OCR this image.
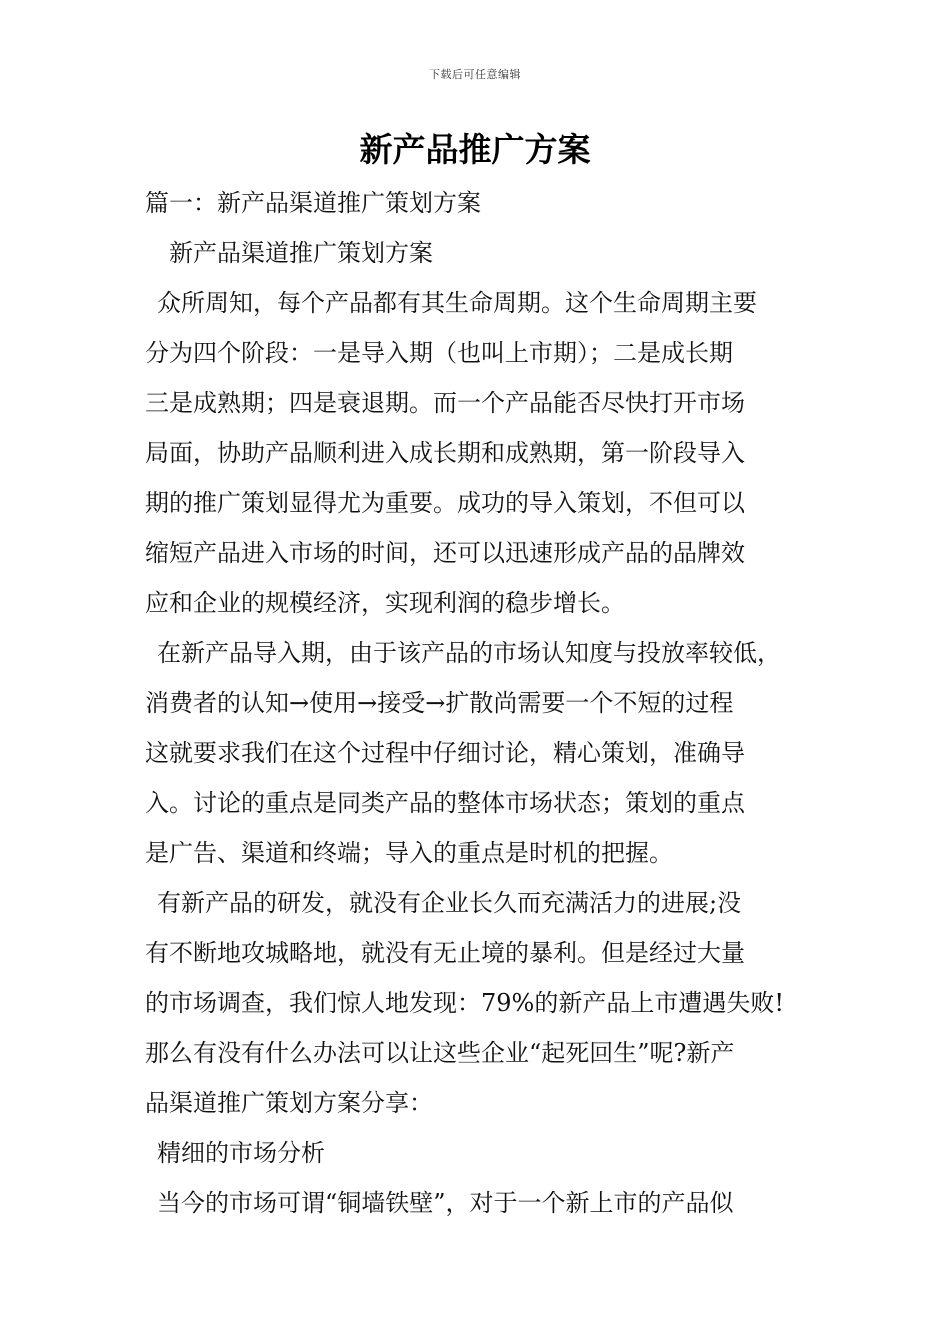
下载后可任意编辑
新产品推广方案
篇一：新产品渠道推广策划方案
新产品渠道推广策划方案
众所周知，每个产品都有其生命周期。这个生命周期主要
分为四个阶段：一是导入期（也叫上市期）；二是成长期
三是成熟期；四是衰退期。而一个产品能否尽快打开市场
局面，协助产品顺利进入成长期和成熟期，第一阶段导入
期的推广策划显得尤为重要。成功的导入策划，不但可以
缩短产品进入市场的时间，还可以迅速形成产品的品牌效
应和企业的规模经济，实现利润的稳步增长。
在新产品导入期，由于该产品的市场认知度与投放率较低，
消费者的认知→使用→接受→扩散尚需要一个不短的过程
这就要求我们在这个过程中仔细讨论，精心策划，准确导
入。讨论的重点是同类产品的整体市场状态；策划的重点
是广告、渠道和终端；导入的重点是时机的把握。
有新产品的研发，就没有企业长久而充满活力的进展;没
有不断地攻城略地，就没有无止境的暴利。但是经过大量
的市场调查，我们惊人地发现：79%的新产品上市遭遇失败!
那么有没有什么办法可以让这些企业“起死回生”呢?新产
品渠道推广策划方案分享：
精细的市场分析
当今的市场可谓“铜墙铁壁”，对于一个新上市的产品似
